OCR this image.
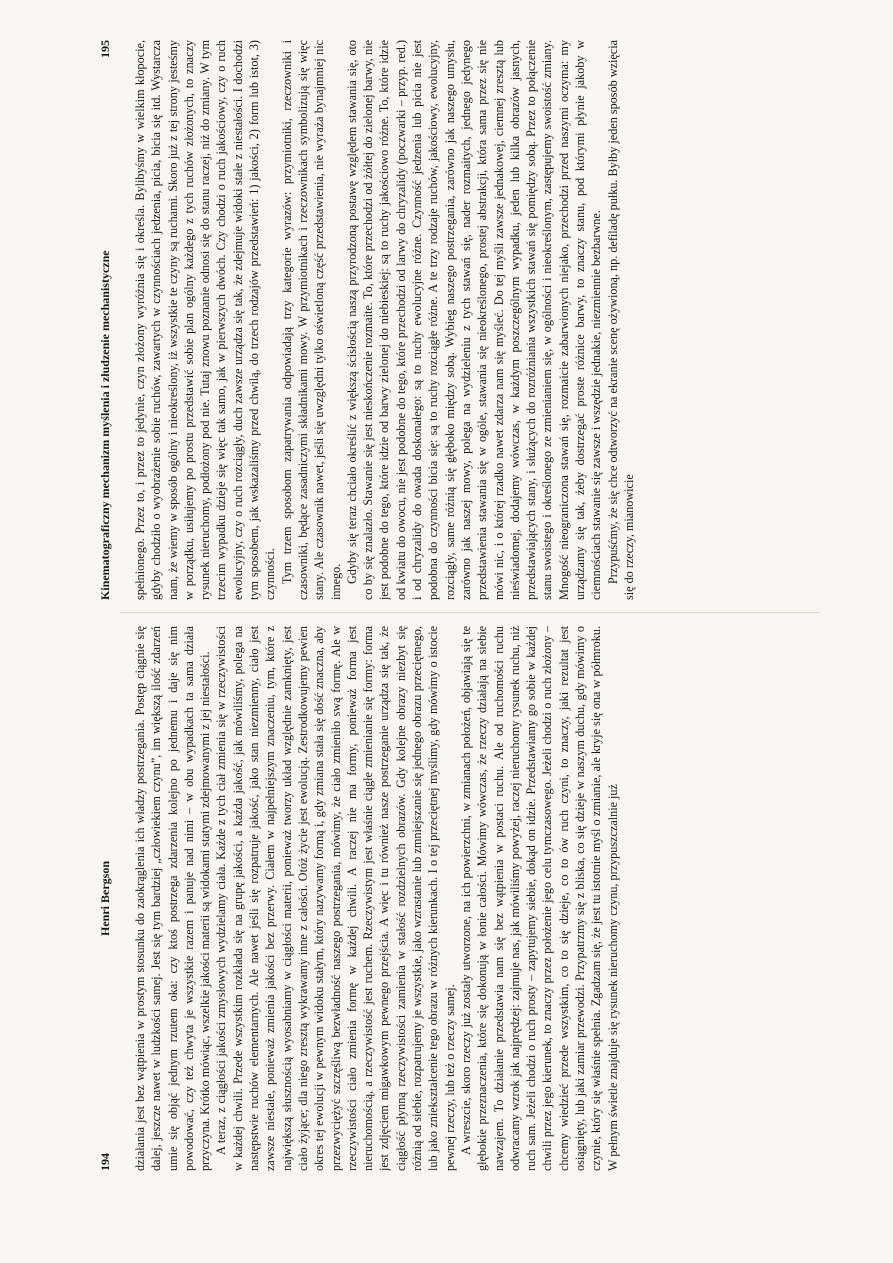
194
Henri Bergson działania jest bez wątpienia w prostym stosunku do zaokrąglenia ich władzy postrzegania. Postęp ciągnie się dalej, jeszcze nawet w ludzkości samej. Jest się tym bardziej „człowiekiem czynu”, im większą ilość zdarzeń umie się objąć jednym rzutem oka: czy ktoś postrzega zdarzenia kolejno po jednemu i daje się nim powodować, czy też chwyta je wszystkie razem i panuje nad nimi – w obu wypadkach ta sama działa przyczyna. Krótko mówiąc, wszelkie jakości materii są widokami statymi zdejmowanymi z jej niestałości. A teraz, z ciągłości jakości zmysłowych wydzielamy ciała. Każde z tych ciał zmienia się w rzeczywistości w każdej chwili. Przede wszystkim rozkłada się na grupę jakości, a każda jakość, jak mówiliśmy, polega na następstwie ruchów elementarnych. Ale nawet jeśli się rozpatruje jakość, jako stan niezmienny, ciało jest zawsze niestałe, ponieważ zmienia jakości bez przerwy. Ciałem w najpełniejszym znaczeniu, tym, które z największą słusznością wyosabniamy w ciągłości materii, ponieważ tworzy układ względnie zamknięty, jest ciało żyjące; dla niego zresztą wykrawamy inne z całości. Otóż życie jest ewolucją. Zestrodkowujemy pewien okres tej ewolucji w pewnym widoku stałym, który nazywamy formą i, gdy zmiana stała się dość znaczna, aby przezwyciężyć szczęśliwą bezwładność naszego postrzegania, mówimy, że ciało zmieniło swą formę. Ale w rzeczywistości ciało zmienia formę w każdej chwili. A raczej nie ma formy, ponieważ forma jest nieruchomością, a rzeczywistość jest ruchem. Rzeczywistym jest właśnie ciągłe zmienianie się formy: forma jest zdjęciem migawkowym pewnego przejścia. A więc i tu również nasze postrzeganie urządza się tak, że ciągłość płynną rzeczywistości zamienia w stałość rozdzielnych obrazów. Gdy kolejne obrazy niezbyt się różnią od siebie, rozpatrujemy je wszystkie, jako wzrastanie lub zmniejszanie się jednego obrazu przeciętnego, lub jako zniekształcenie tego obrazu w różnych kierunkach. I o tej przeciętnej myślimy, gdy mówimy o istocie pewnej rzeczy, lub też o rzeczy samej. A wreszcie, skoro rzeczy już zostały utworzone, na ich powierzchni, w zmianach położeń, objawiają się te głębokie przeznaczenia, które się dokonują w łonie całości. Mówimy wówczas, że rzeczy działają na siebie nawzajem. To działanie przedstawia nam się bez wątpienia w postaci ruchu. Ale od ruchomości ruchu odwracamy wzrok jak najprędzej: zajmuje nas, jak mówiliśmy powyżej, raczej nieruchomy rysunek ruchu, niż ruch sam. Jeżeli chodzi o ruch prosty – zapytujemy siebie, dokąd on idzie. Przedstawiamy go sobie w każdej chwili przez jego kierunek, to znaczy przez położenie jego celu tymczasowego. Jeżeli chodzi o ruch złożony – chcemy wiedzieć przede wszystkim, co to się dzieje, co to ów ruch czyni, to znaczy, jaki rezultat jest osiągnięty, lub jaki zamiar przewodzi. Przypatrzmy się z bliska, co się dzieje w naszym duchu, gdy mówimy o czynie, który się właśnie spełnia. Zgadzam się, że jest tu istotnie myśl o zmianie, ale kryje się ona w półmroku. W pełnym świetle znajduje się rysunek nieruchomy czynu, przypuszczalnie już

Kinematograficzny mechanizm myślenia i złudzenie mechanistyczne
195 spełnionego. Przez to, i przez to jedynie, czyn złożony wyróżnia się i określa. Bylibyśmy w wielkim kłopocie, gdyby chodziło o wyobrażenie sobie ruchów, zawartych w czynnościach jedzenia, picia, bicia się itd. Wystarcza nam, że wiemy w sposób ogólny i nieokreślony, iż wszystkie te czyny są ruchami. Skoro już z tej strony jesteśmy w porządku, usiłujemy po prostu przedstawić sobie plan ogólny każdego z tych ruchów złożonych, to znaczy rysunek nieruchomy, podłożony pod nie. Tutaj znowu poznanie odnosi się do stanu raczej, niż do zmiany. W tym trzecim wypadku dzieje się więc tak samo, jak w pierwszych dwóch. Czy chodzi o ruch jakościowy, czy o ruch ewolucyjny, czy o ruch rozciągły, duch zawsze urządza się tak, że zdejmuje widoki stałe z niestałości. I dochodzi tym sposobem, jak wskazaliśmy przed chwilą, do trzech rodzajów przedstawień: 1) jakości, 2) form lub istot, 3) czynności. Tym trzem sposobom zapatrywania odpowiadają trzy kategorie wyrazów: przymiotniki, rzeczowniki i czasowniki, będące zasadniczymi składnikami mowy. W przymiotnikach i rzeczownikach symbolizują się więc stany. Ale czasownik nawet, jeśli się uwzględni tylko oświetloną część przedstawienia, nie wyraża bynajmniej nic innego. Gdyby się teraz chciało określić z większą ścisłością naszą przyrodzoną postawę względem stawania się, oto co by się znalazło. Stawanie się jest nieskończenie rozmaite. To, które przechodzi od żółtej do zielonej barwy, nie jest podobne do tego, które idzie od barwy zielonej do niebieskiej: są to ruchy jakościowo różne. To, które idzie od kwiatu do owocu, nie jest podobne do tego, które przechodzi od larwy do chryzalidy (poczwarki – przyp. red.) i od chryzalidy do owada doskonałego: są to ruchy ewolucyjne różne. Czynność jedzenia lub picia nie jest podobna do czynności bicia się: są to ruchy rozciągłe różne. A te trzy rodzaje ruchów, jakościowy, ewolucyjny, rozciągły, same różnią się głęboko między sobą. Wybieg naszego postrzegania, zarówno jak naszego umysłu, zarówno jak naszej mowy, polega na wydzieleniu z tych stawań się, nader rozmaitych, jednego jedynego przedstawienia stawania się w ogóle, stawania się nieokreślonego, prostej abstrakcji, która sama przez się nie mówi nic, i o której rzadko nawet zdarza nam się myśleć. Do tej myśli zawsze jednakowej, ciemnej zresztą lub nieświadomej, dodajemy wówczas, w każdym poszczególnym wypadku, jeden lub kilka obrazów jasnych, przedstawiających stany, i służących do rozróżniania wszystkich stawań się pomiędzy sobą. Przez to połączenie stanu swoistego i określonego ze zmienianiem się, w ogólności i nieokreślonym, zastępujemy swoistość zmiany. Mnogość nieograniczona stawań się, rozmaicie zabarwionych niejako, przechodzi przed naszymi oczyma: my urządzamy się tak, żeby dostrzegać proste różnice barwy, to znaczy stanu, pod którymi płynie jakoby w ciemnościach stawanie się zawsze i wszędzie jednakie, niezmiennie bezbarwne. Przypuśćmy, że się chce odtworzyć na ekranie scenę ożywioną, np. defiladę pułku. Byłby jeden sposób wzięcia się do rzeczy, mianowicie
